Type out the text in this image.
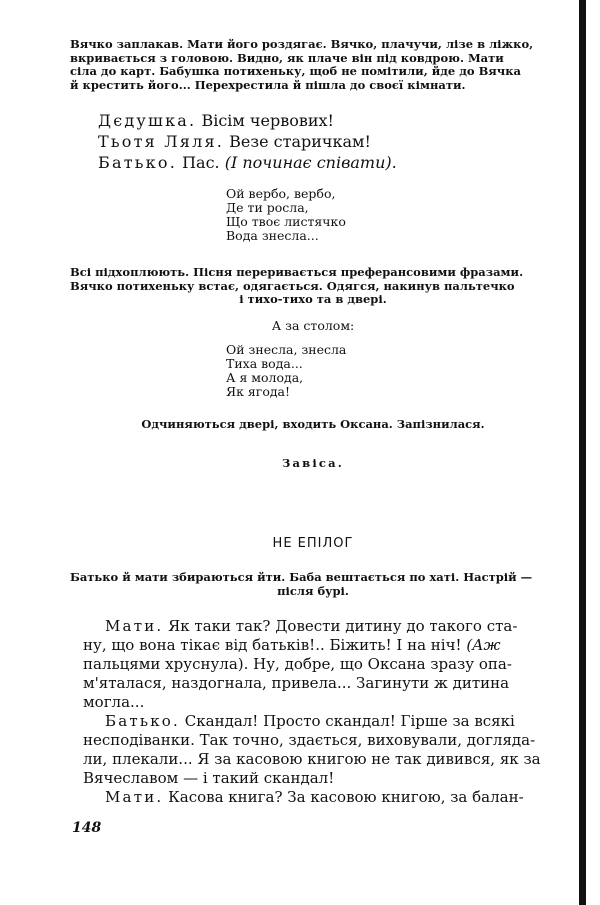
Вячко заплакав. Мати його роздягає. Вячко, плачучи, лізе в ліжко,

вкривається з головою. Видно, як плаче він під ковдрою. Мати

сіла до карт. Бабушка потихеньку, щоб не помітили, йде до Вячка

й крестить його... Перехрестила й пішла до своєї кімнати.

Дєдушка. Вісім червових!

Тьотя Ляля. Везе старичкам!

Батько. Пас. (І починає співати).

Ой вербо, вербо,

Де ти росла,

Що твоє листячко

Вода знесла...

Всі підхоплюють. Пісня переривається преферансовими фразами.

Вячко потихеньку встає, одягається. Одягся, накинув пальтечко

і тихо-тихо та в двері.

А за столом:

Ой знесла, знесла

Тиха вода...

А я молода,

Як ягода!

Одчиняються двері, входить Оксана. Запізнилася.
Завіса.
НЕ ЕПІЛОГ

Батько й мати збираються йти. Баба вештається по хаті. Настрій —

після бурі.

Мати. Як таки так? Довести дитину до такого ста-

ну, що вона тікає від батьків!.. Біжить! І на ніч! (Аж

пальцями хруснула). Ну, добре, що Оксана зразу опа-

м'яталася, наздогнала, привела... Загинути ж дитина

могла...

Батько. Скандал! Просто скандал! Гірше за всякі

несподіванки. Так точно, здається, виховували, догляда-

ли, плекали... Я за касовою книгою не так дивився, як за

Вячеславом — і такий скандал!

Мати. Касова книга? За касовою книгою, за балан-

148
